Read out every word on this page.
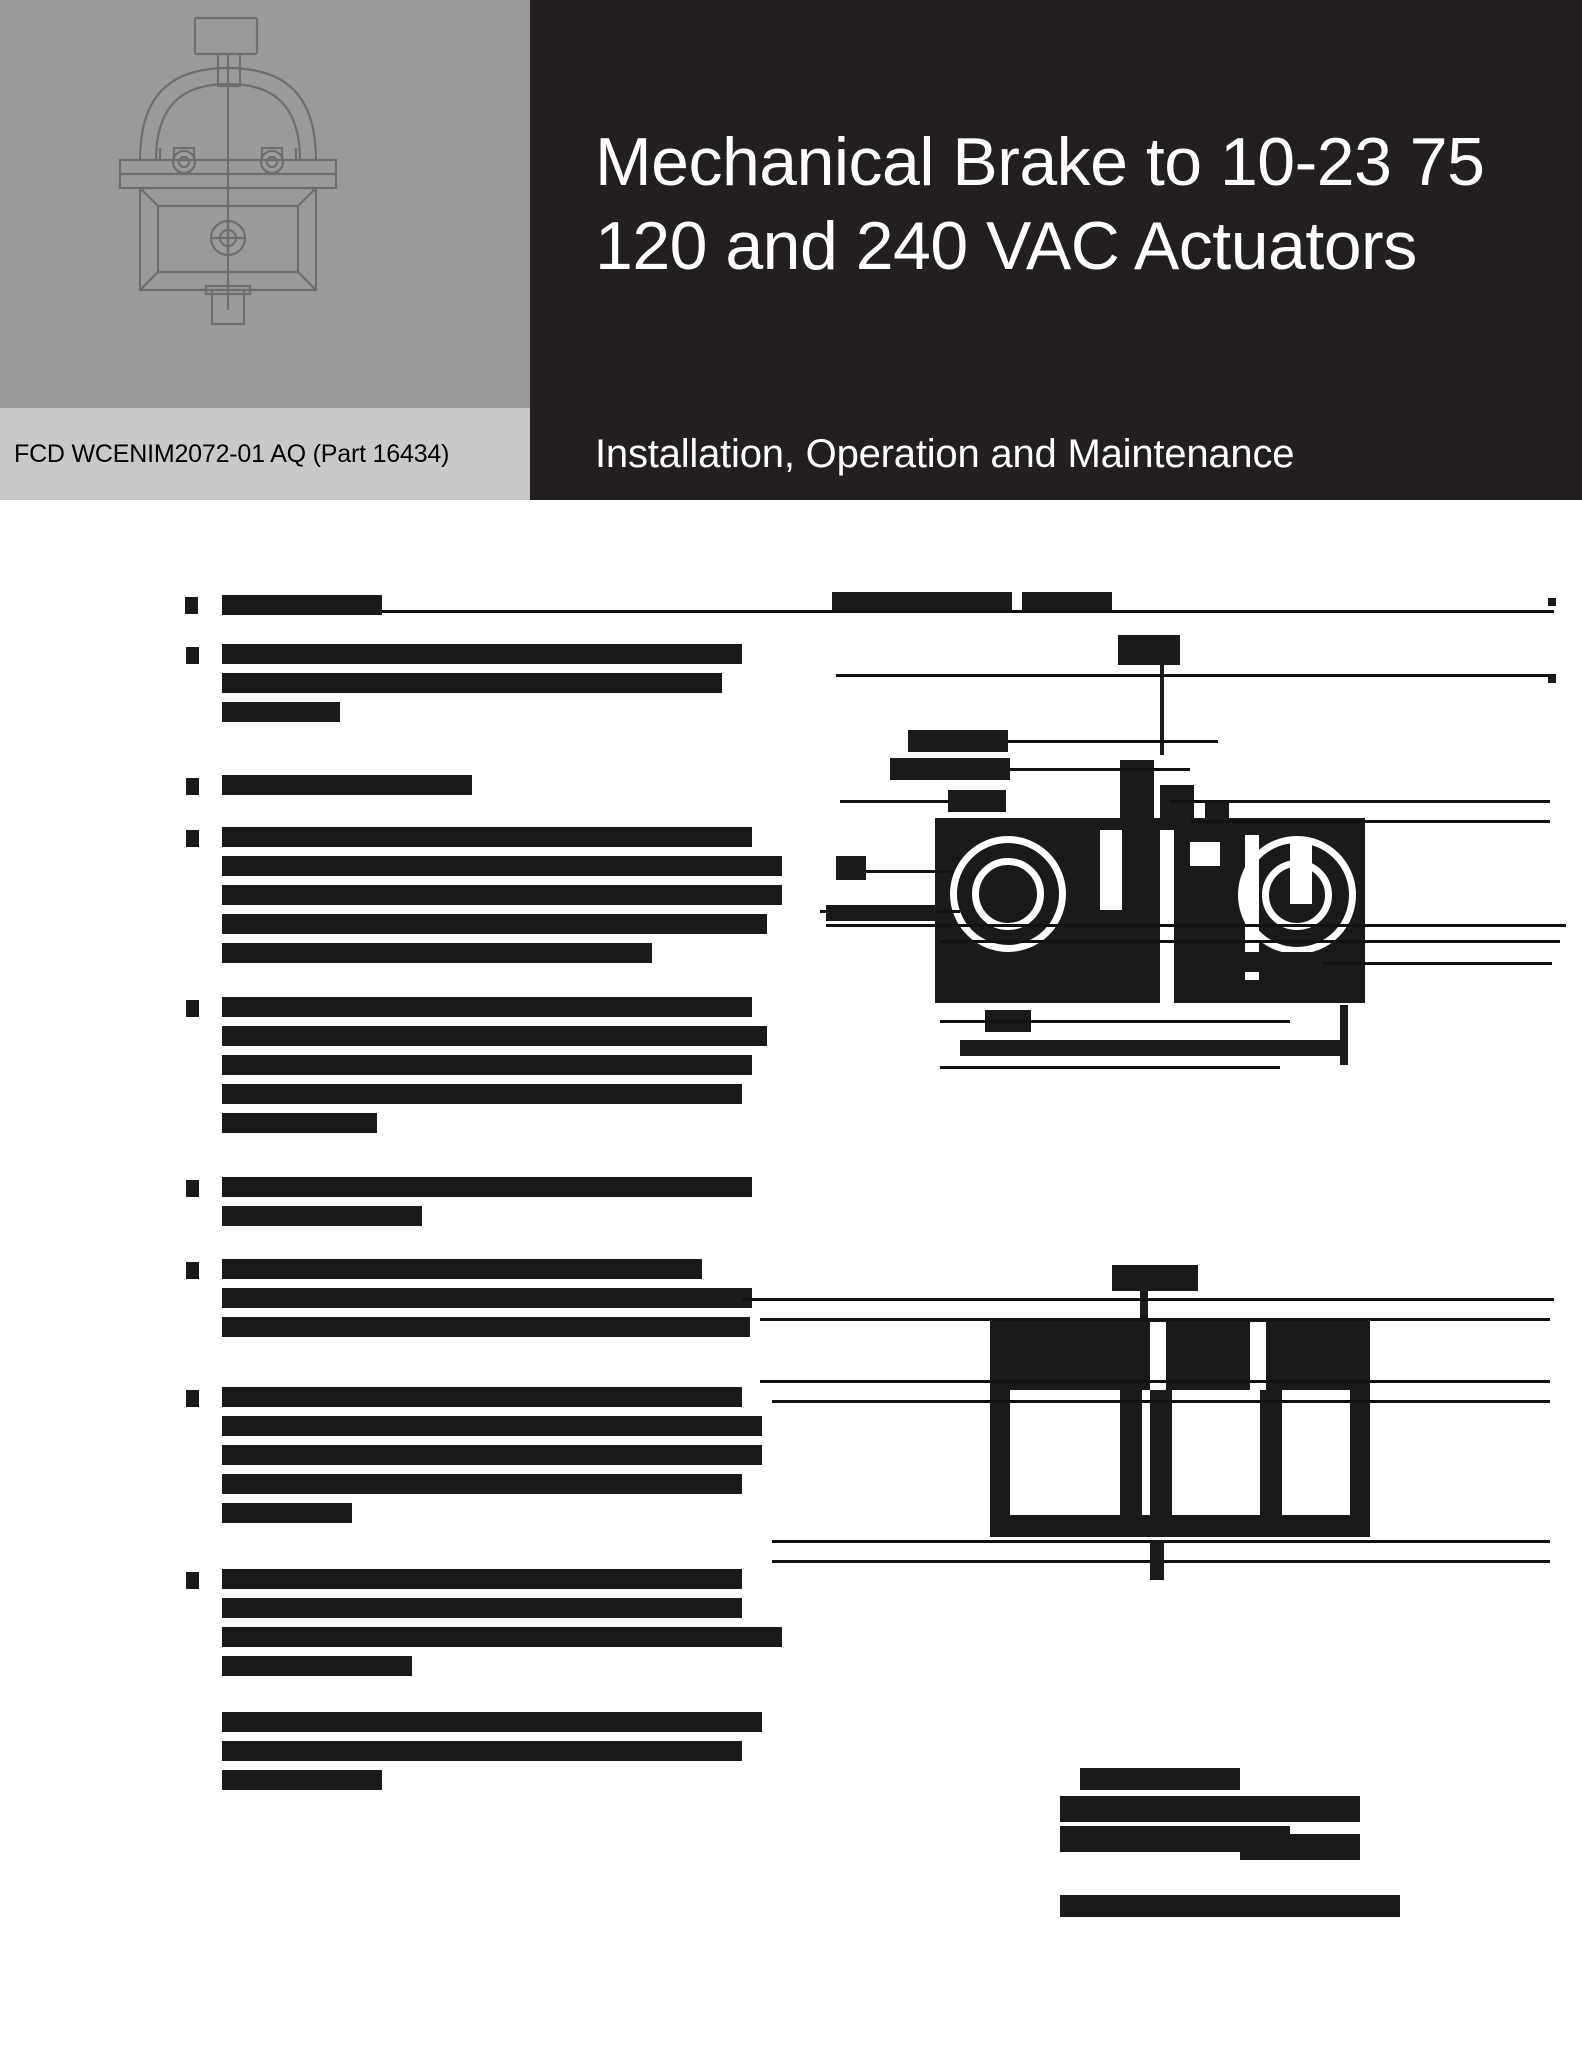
FCD WCENIM2072-01 AQ (Part 16434)
Mechanical Brake to 10-23 75
120 and 240 VAC Actuators
Installation, Operation and Maintenance
